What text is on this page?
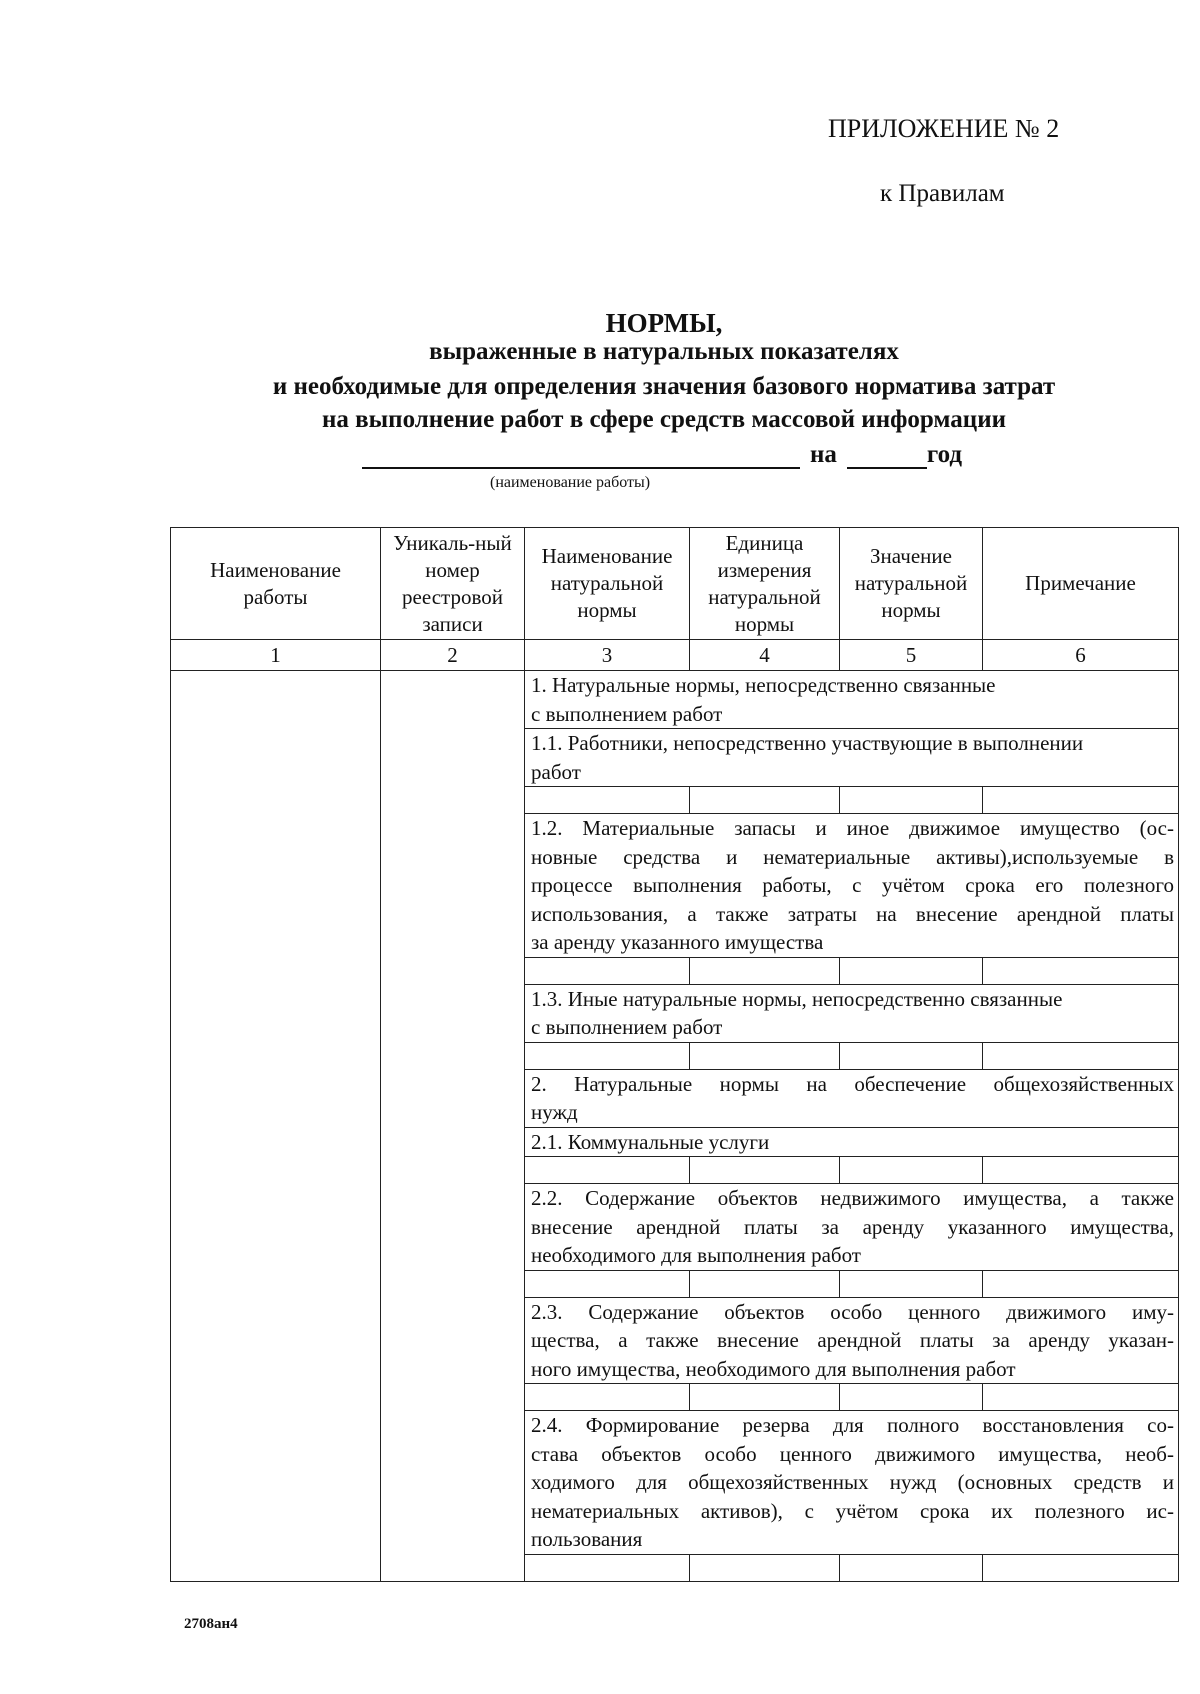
ПРИЛОЖЕНИЕ № 2
к Правилам
НОРМЫ,
выраженные в натуральных показателях
и необходимые для определения значения базового норматива затрат
на выполнение работ в сфере средств массовой информации
на	год
(наименование работы)
Наименование работы	Уникаль-ный номер реестровой записи	Наименование натуральной нормы	Единица измерения натуральной нормы	Значение натуральной нормы	Примечание
1	2	3	4	5	6

		1. Натуральные нормы, непосредственно связанные
с выполнением работ			

		1.1. Работники, непосредственно участвующие в выполнении
работ			

		1.2. Материальные запасы и иное движимое имущество (ос-
новные средства и нематериальные активы),используемые в
процессе выполнения работы, с учётом срока его полезного
использования, а также затраты на внесение арендной платы
за аренду указанного имущества			

		1.3. Иные натуральные нормы, непосредственно связанные
с выполнением работ			

		2. Натуральные нормы на обеспечение общехозяйственных
нужд			

		2.1. Коммунальные услуги			

		2.2. Содержание объектов недвижимого имущества, а также
внесение арендной платы за аренду указанного имущества,
необходимого для выполнения работ			

		2.3. Содержание объектов особо ценного движимого иму-
щества, а также внесение арендной платы за аренду указан-
ного имущества, необходимого для выполнения работ			

		2.4. Формирование резерва для полного восстановления со-
става объектов особо ценного движимого имущества, необ-
ходимого для общехозяйственных нужд (основных средств и
нематериальных активов), с учётом срока их полезного ис-
пользования			

2708ан4
